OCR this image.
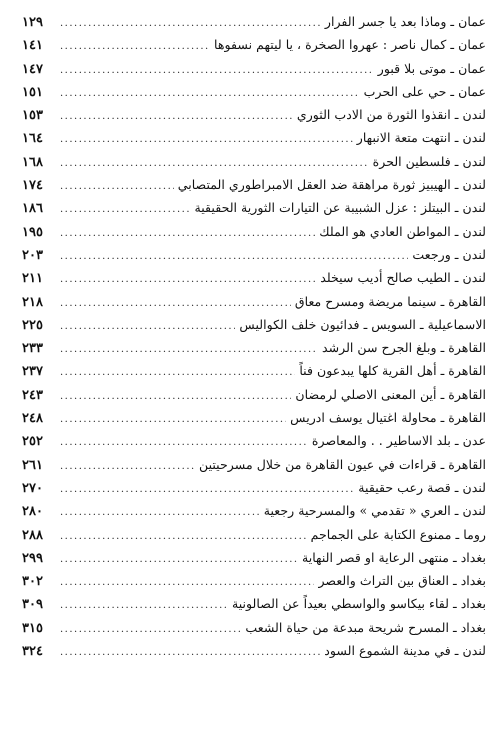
عمان ـ وماذا بعد يا جسر الفرار
.....
١٢٩
عمان ـ كمال ناصر : عهروا الصخرة ، يا ليتهم نسفوها
.....
١٤١
عمان ـ موتى بلا قبور
.....
١٤٧
عمان ـ حي على الحرب
.....
١٥١
لندن ـ انقذوا الثورة من الادب الثوري
.....
١٥٣
لندن ـ انتهت متعة الانبهار
.....
١٦٤
لندن ـ فلسطين الحرة
.....
١٦٨
لندن ـ الهيبيز ثورة مراهقة ضد العقل الامبراطوري المتصابي
.....
١٧٤
لندن ـ البيتلز : عزل الشبيبة عن التيارات الثورية الحقيقية
.....
١٨٦
لندن ـ المواطن العادي هو الملك
.....
١٩٥
لندن ـ ورجعت
.....
٢٠٣
لندن ـ الطيب صالح أديب سيخلد
.....
٢١١
القاهرة ـ سينما مريضة ومسرح معاق
.....
٢١٨
الاسماعيلية ـ السويس ـ فدائيون خلف الكواليس
.....
٢٢٥
القاهرة ـ وبلغ الجرح سن الرشد
.....
٢٣٣
القاهرة ـ أهل القرية كلها يبدعون فناً
.....
٢٣٧
القاهرة ـ أين المعنى الاصلي لرمضان
.....
٢٤٣
القاهرة ـ محاولة اغتيال يوسف ادريس
.....
٢٤٨
عدن ـ بلد الاساطير . . والمعاصرة
.....
٢٥٢
القاهرة ـ قراءات في عيون القاهرة من خلال مسرحيتين
.....
٢٦١
لندن ـ قصة رعب حقيقية
.....
٢٧٠
لندن ـ العري « تقدمي » والمسرحية رجعية
.....
٢٨٠
روما ـ ممنوع الكتابة على الجماجم
.....
٢٨٨
بغداد ـ منتهى الرعاية او قصر النهاية
.....
٢٩٩
بغداد ـ العناق بين التراث والعصر
.....
٣٠٢
بغداد ـ لقاء بيكاسو والواسطي بعيداً عن الصالونية
.....
٣٠٩
بغداد ـ المسرح شريحة مبدعة من حياة الشعب
.....
٣١٥
لندن ـ في مدينة الشموع السود
.....
٣٢٤
